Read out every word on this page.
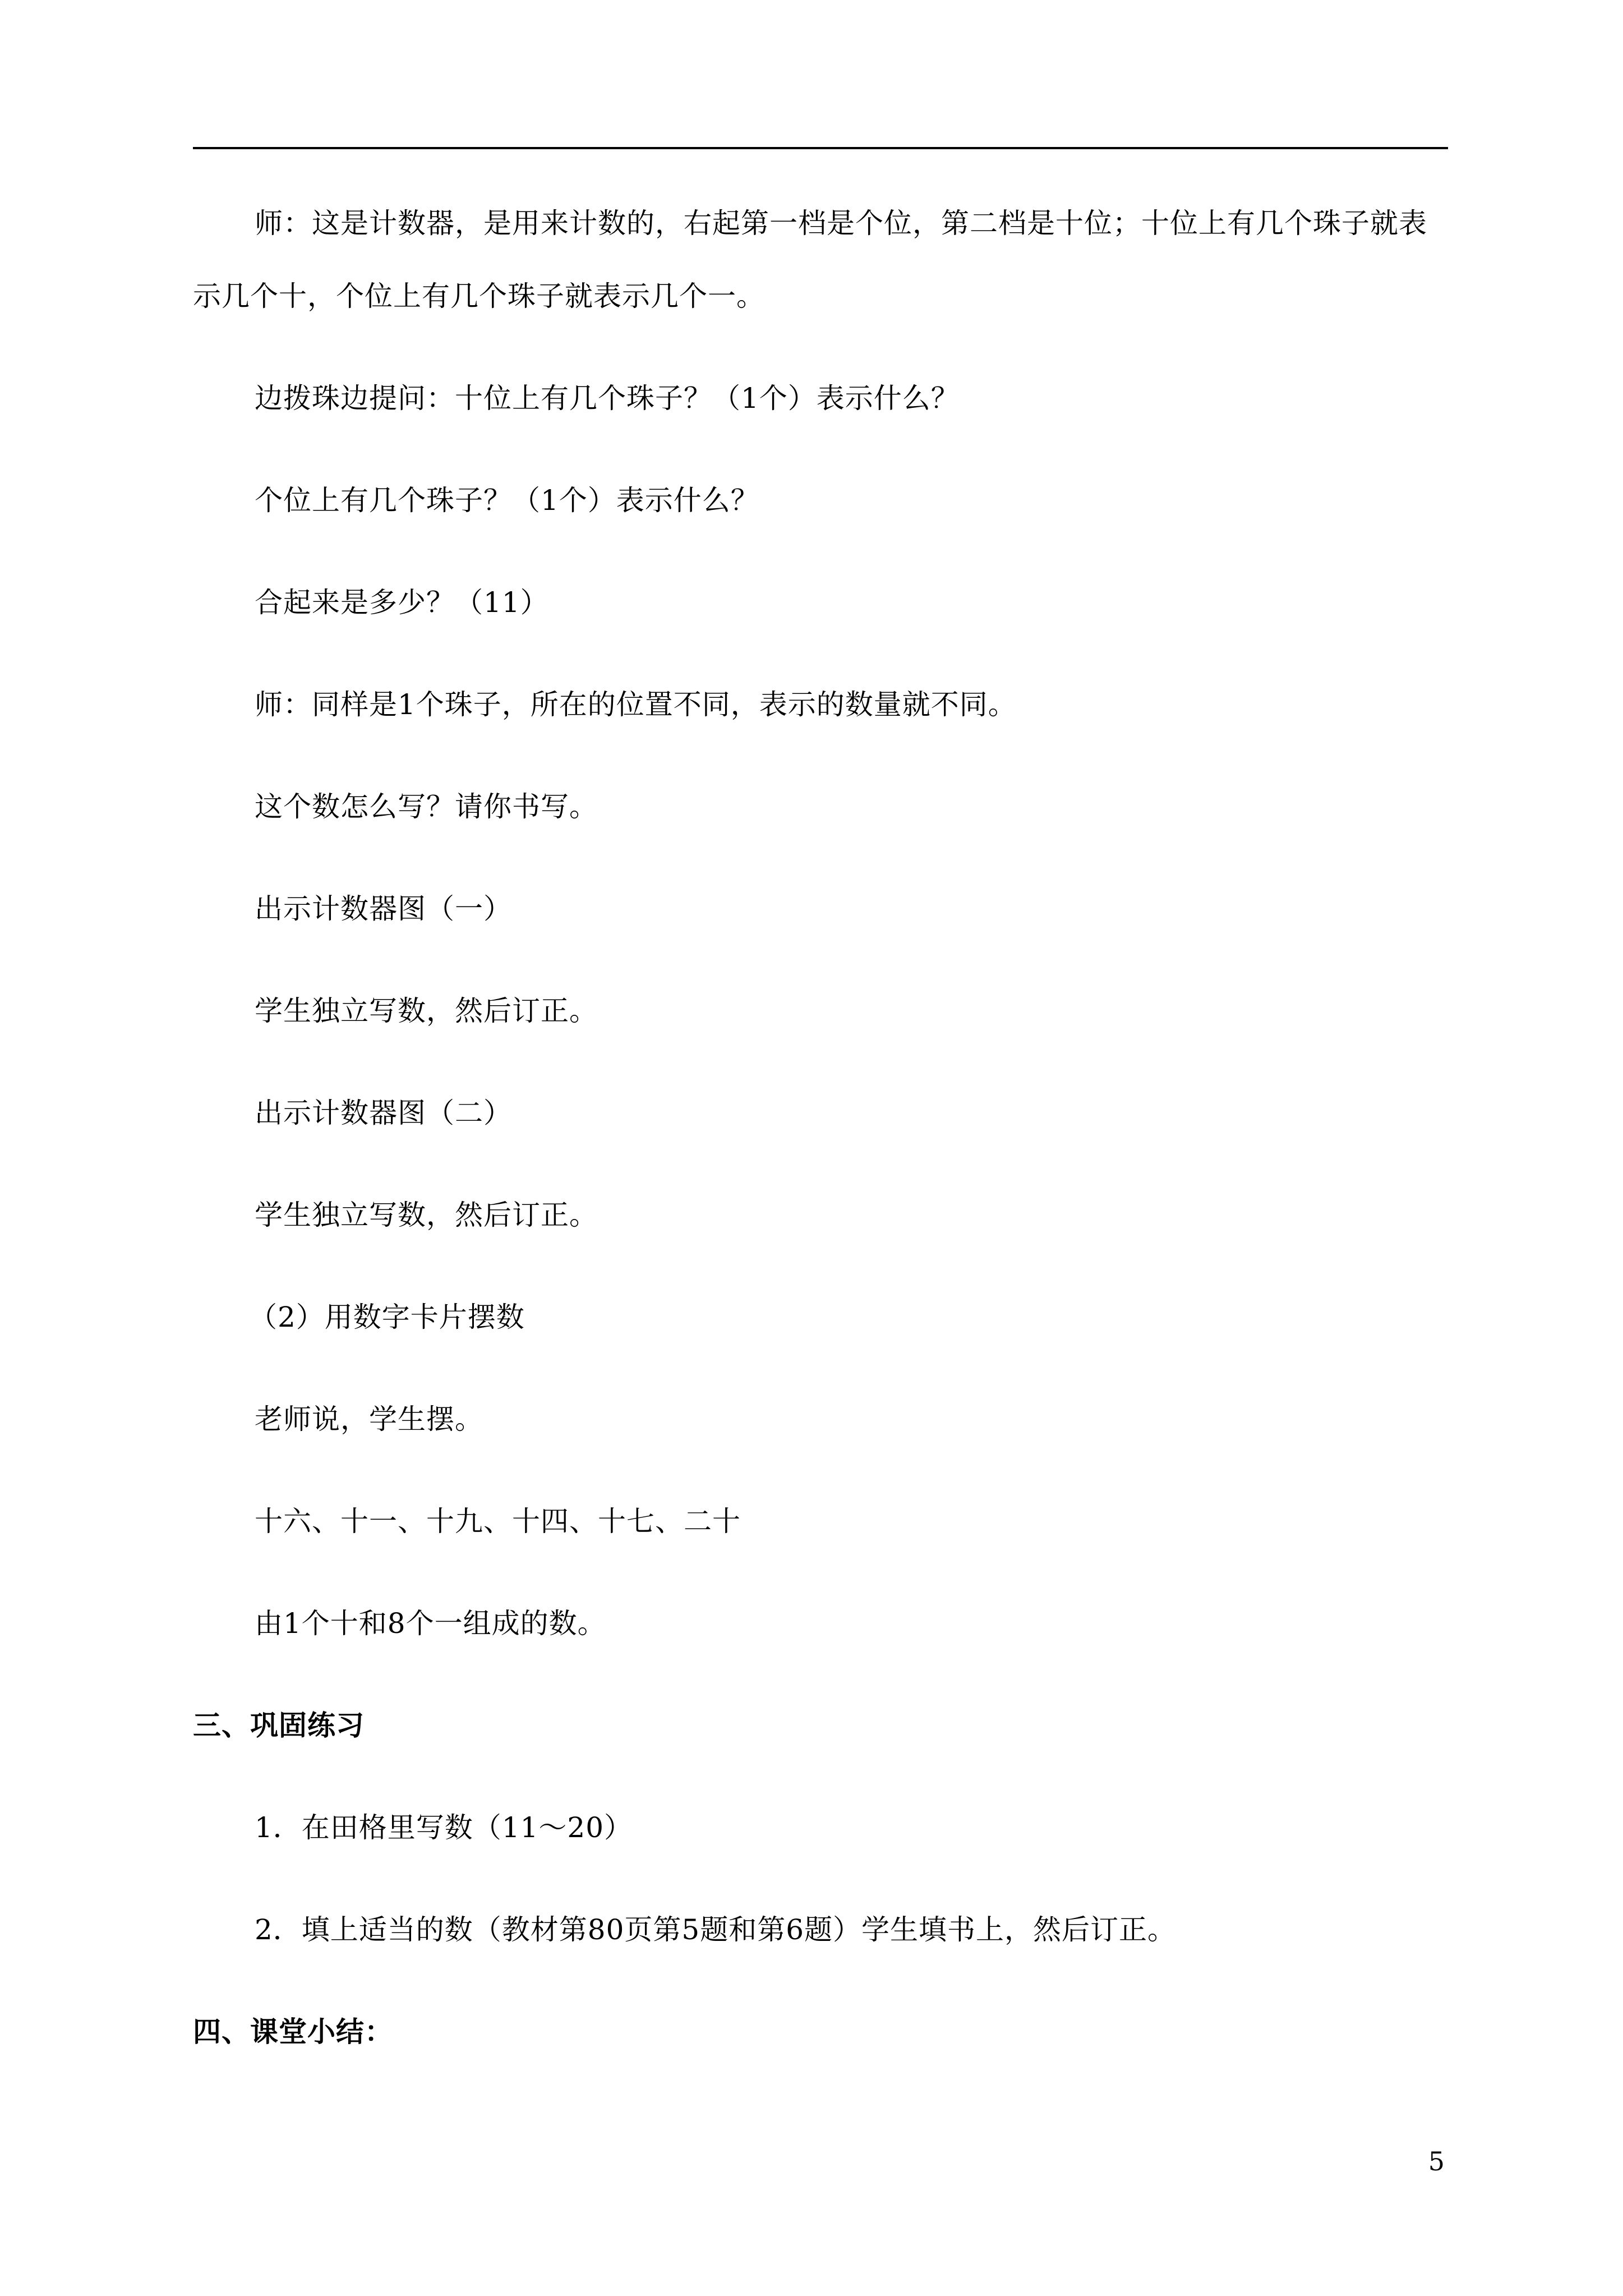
师：这是计数器，是用来计数的，右起第一档是个位，第二档是十位；十位上有几个珠子就表
示几个十，个位上有几个珠子就表示几个一。
边拨珠边提问：十位上有几个珠子？（1个）表示什么？
个位上有几个珠子？（1个）表示什么？
合起来是多少？（11）
师：同样是1个珠子，所在的位置不同，表示的数量就不同。
这个数怎么写？请你书写。
出示计数器图（一）
学生独立写数，然后订正。
出示计数器图（二）
学生独立写数，然后订正。
（2）用数字卡片摆数
老师说，学生摆。
十六、十一、十九、十四、十七、二十
由1个十和8个一组成的数。
三、巩固练习
1．在田格里写数（11～20）
2．填上适当的数（教材第80页第5题和第6题）学生填书上，然后订正。
四、课堂小结：
5
